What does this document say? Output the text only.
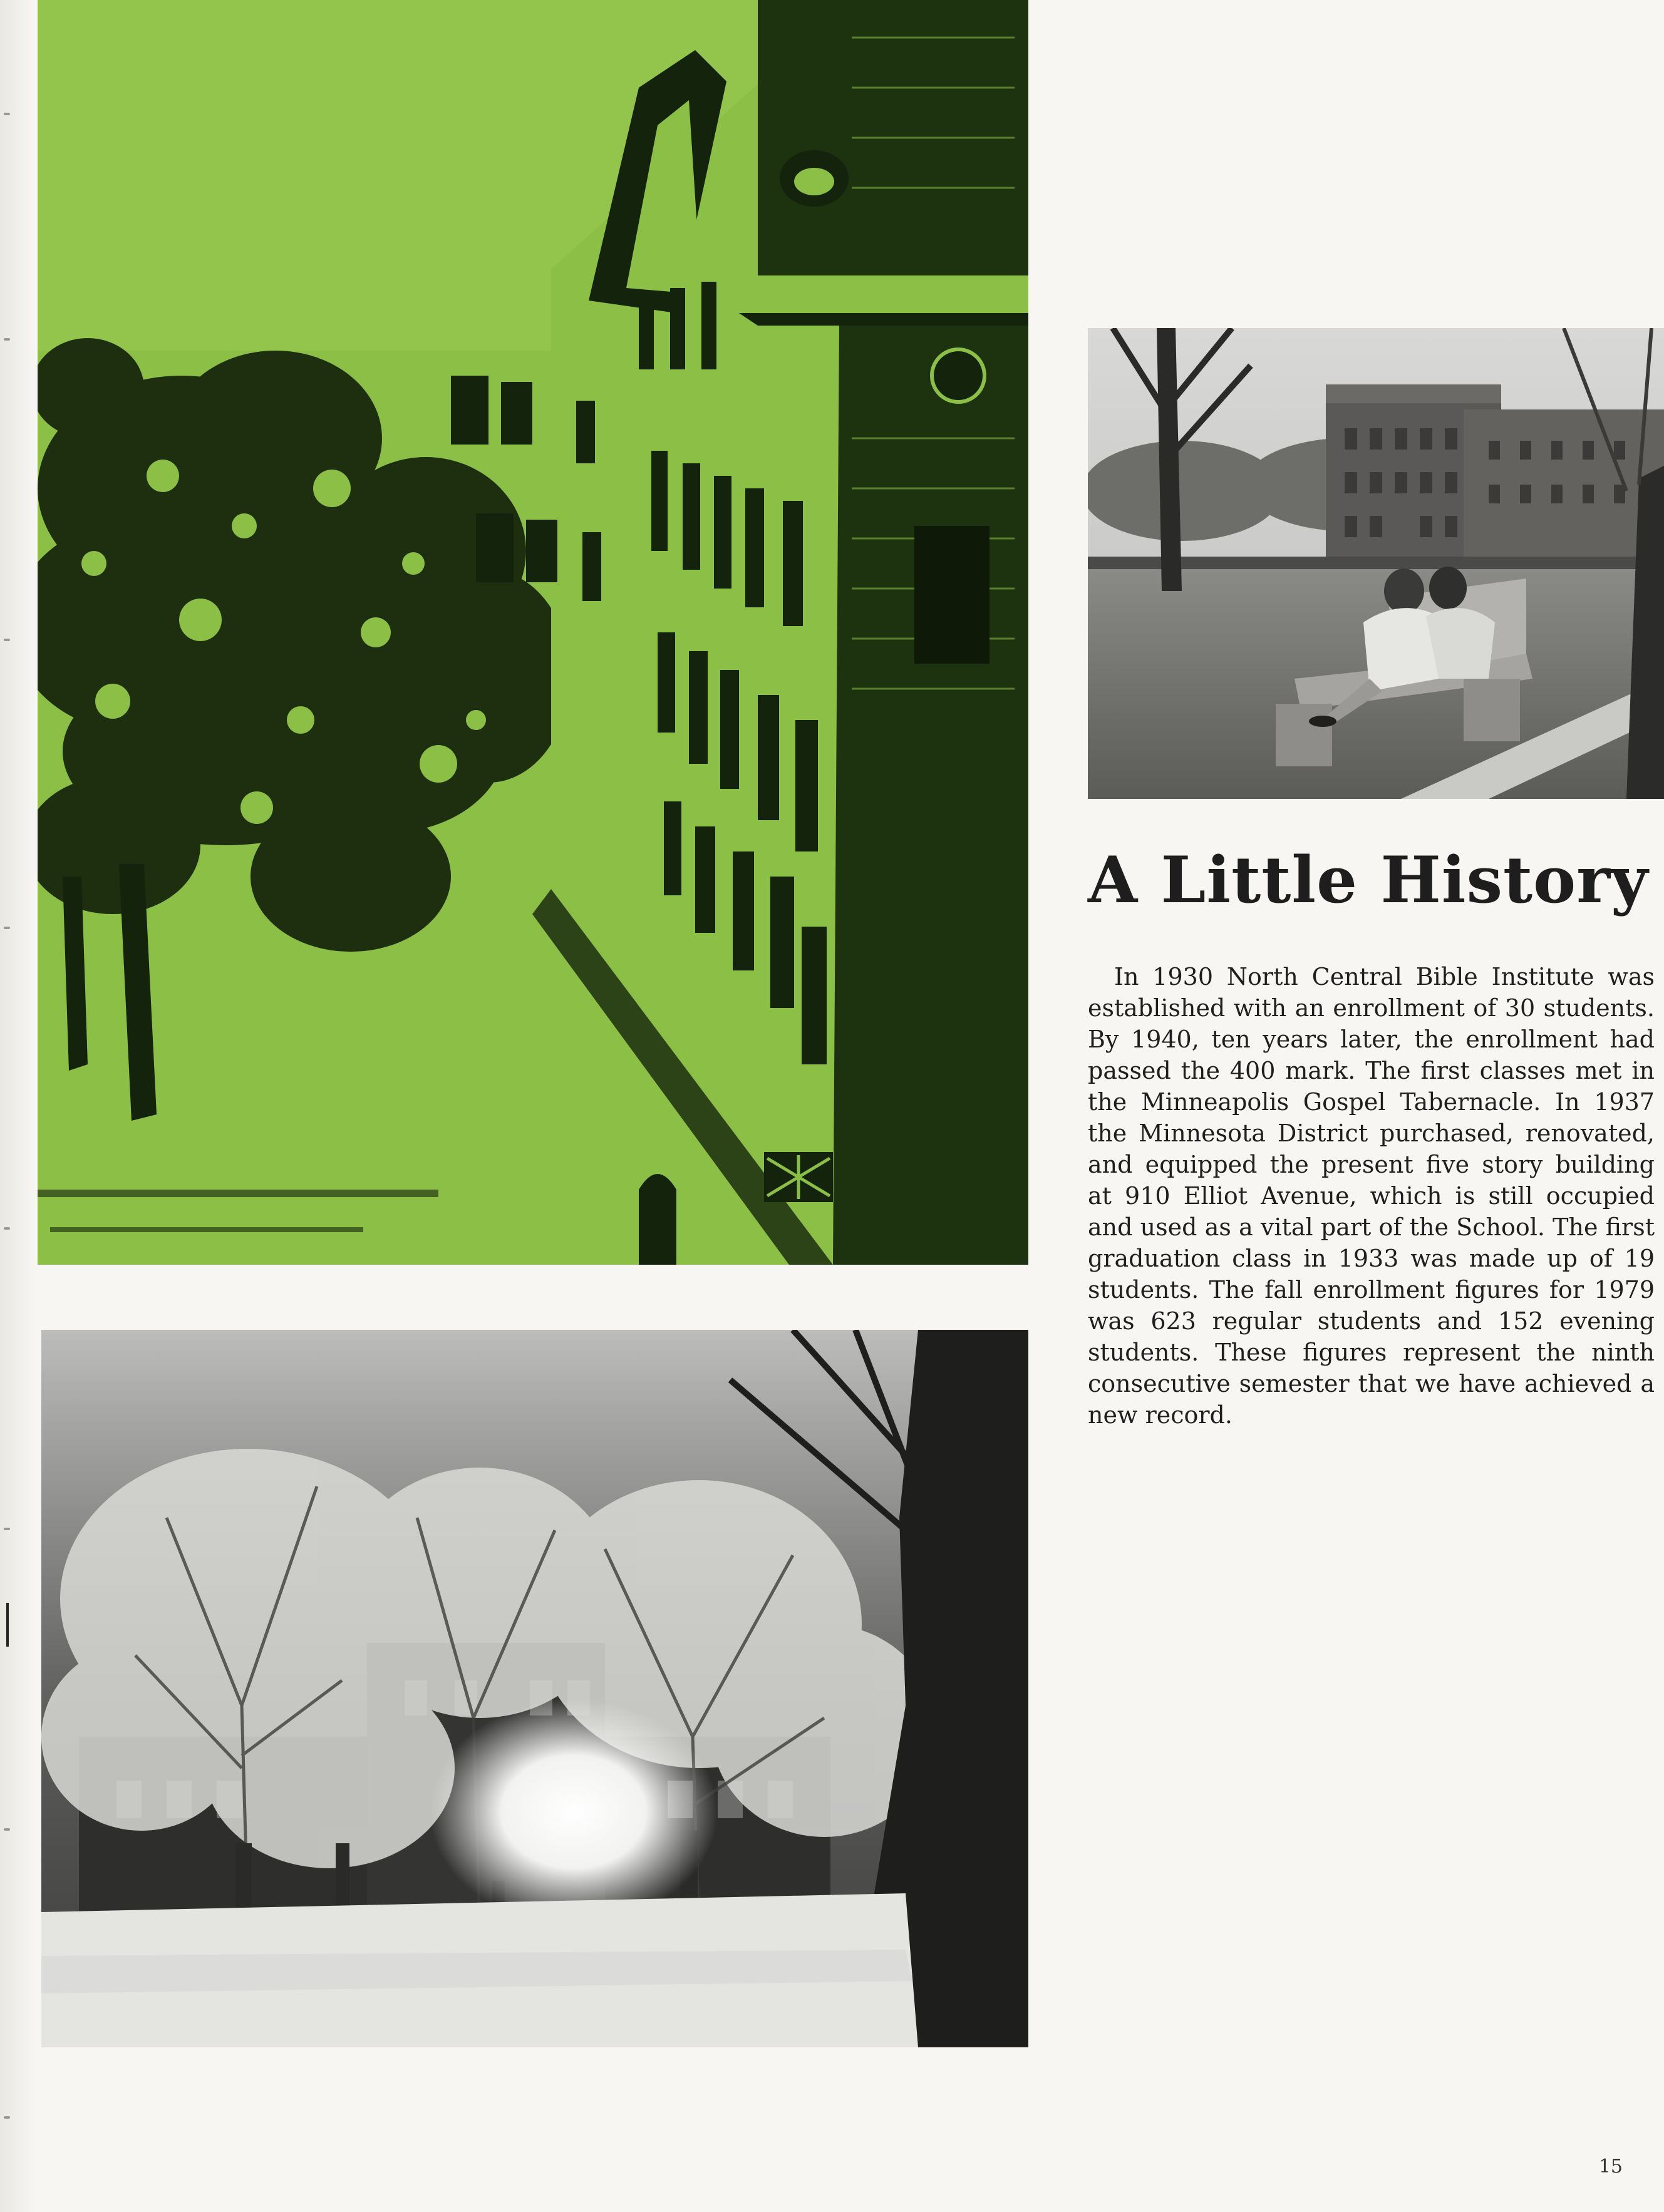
A Little History

In 1930 North Central Bible Institute was established with an enrollment of 30 students. By 1940, ten years later, the enrollment had passed the 400 mark. The first classes met in the Minneapolis Gospel Tabernacle. In 1937 the Minnesota District purchased, renovated, and equipped the present five story building at 910 Elliot Avenue, which is still occupied and used as a vital part of the School. The first graduation class in 1933 was made up of 19 students. The fall enrollment figures for 1979 was 623 regular students and 152 evening students. These figures represent the ninth consecutive semester that we have achieved a new record.

15
